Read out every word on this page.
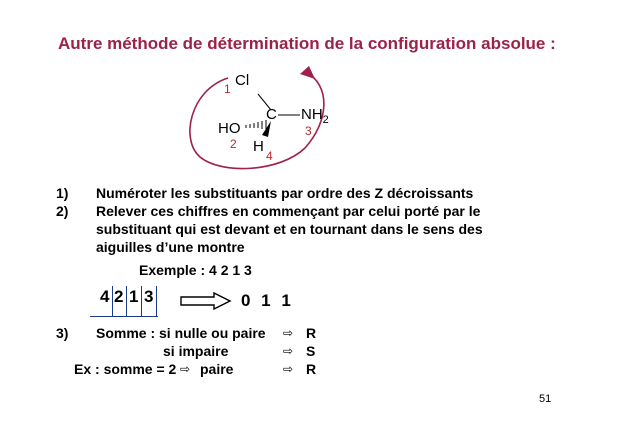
Autre méthode de détermination de la configuration absolue :
Cl
1
C $NH_2$
3
HO
2 H
4
1) Numéroter les substituants par ordre des Z décroissants
2) Relever ces chiffres en commençant par celui porté par le
substituant qui est devant et en tournant dans le sens des
aiguilles d’une montre
Exemple : 4 2 1 3
4 2 1 3	0 1 1
3) Somme : si nulle ou paire ⇨ R
si impaire	⇨ S
Ex : somme = 2 ⇨ paire	⇨ R
51
